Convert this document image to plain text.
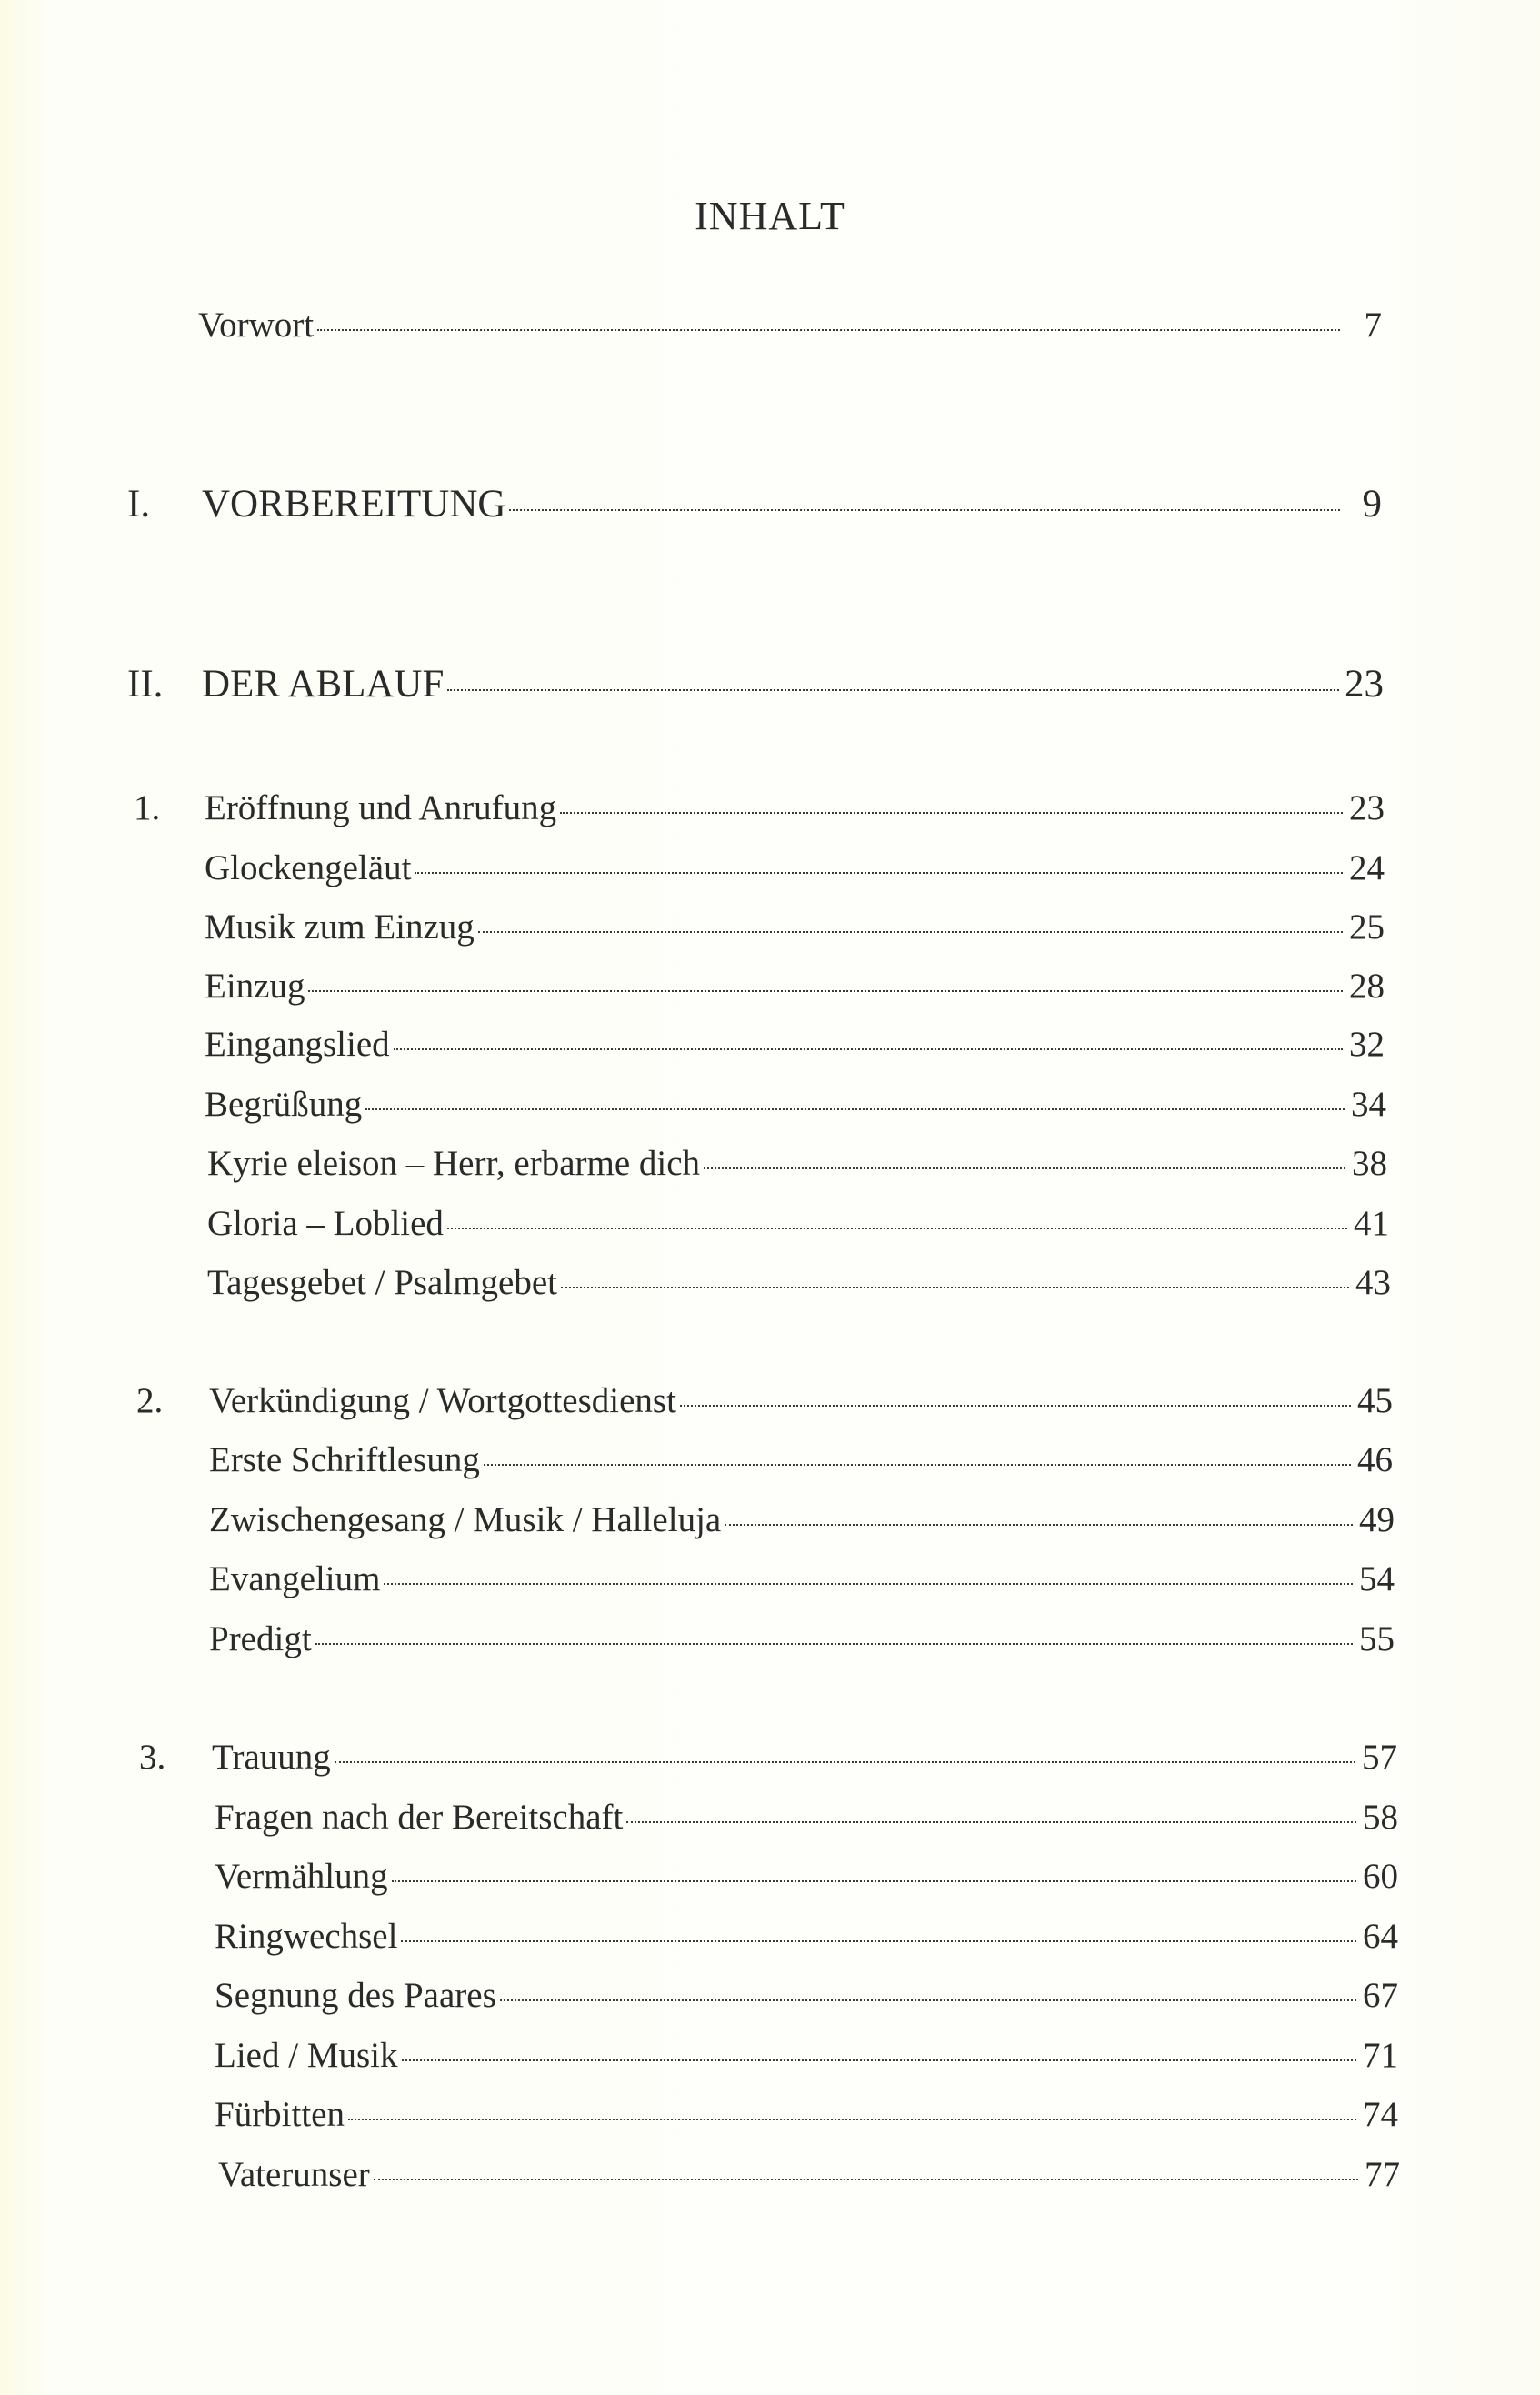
INHALT
Vorwort	7
I. VORBEREITUNG	9
II. DER ABLAUF	23
1. Eröffnung und Anrufung	23
Glockengeläut	24
Musik zum Einzug	25
Einzug	28
Eingangslied	32
Begrüßung	34
Kyrie eleison – Herr, erbarme dich	38
Gloria – Loblied	41
Tagesgebet / Psalmgebet	43
2. Verkündigung / Wortgottesdienst	45
Erste Schriftlesung	46
Zwischengesang / Musik / Halleluja	49
Evangelium	54
Predigt	55
3. Trauung	57
Fragen nach der Bereitschaft	58
Vermählung	60
Ringwechsel	64
Segnung des Paares	67
Lied / Musik	71
Fürbitten	74
Vaterunser	77
